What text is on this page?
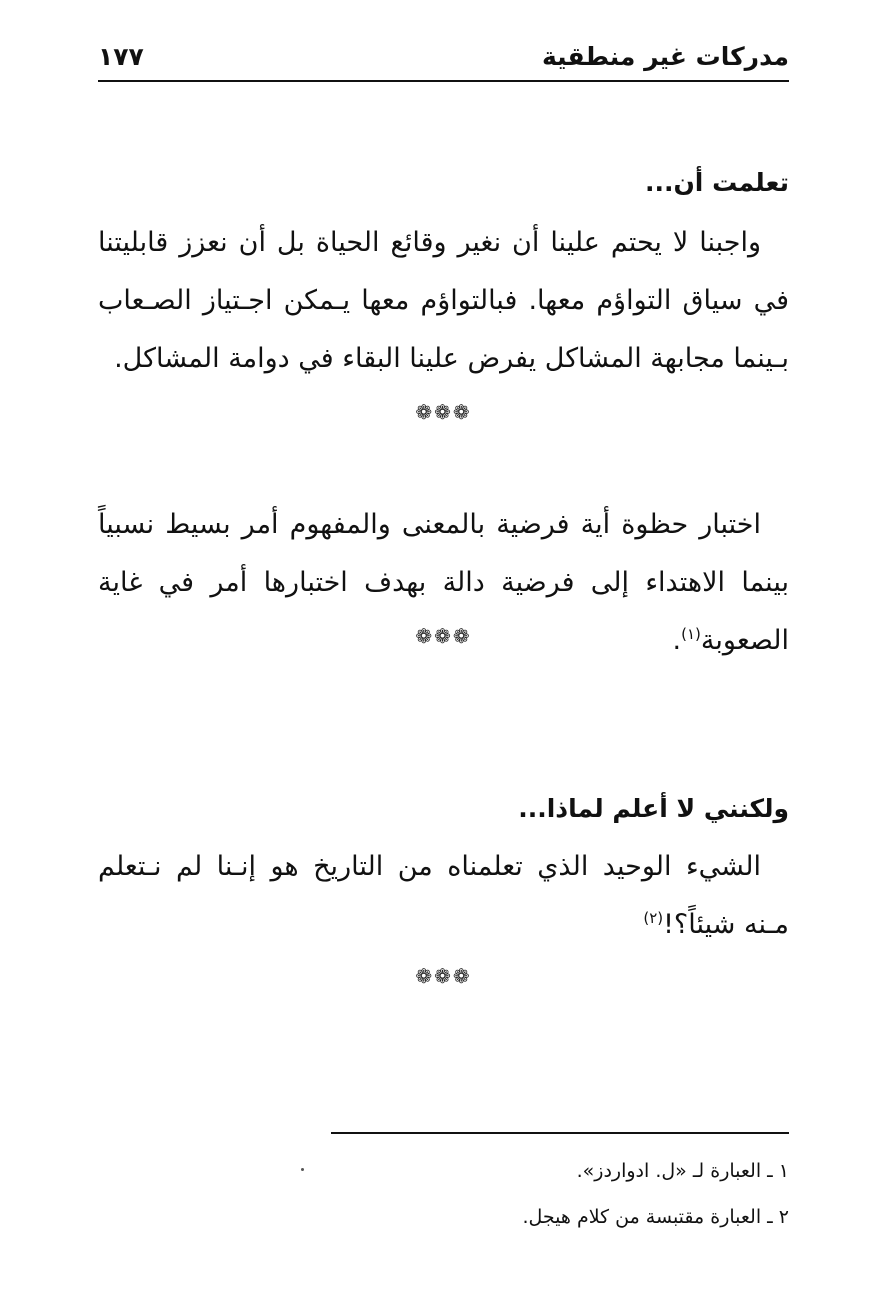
مدركات غير منطقية
١٧٧
تعلمت أن...

واجبنا لا يحتم علينا أن نغير وقائع الحياة بل أن نعزز قابليتنا في سياق التواؤم معها. فبالتواؤم معها يـمكن اجـتياز الصـعاب بـينما مجابهة المشاكل يفرض علينا البقاء في دوامة المشاكل.

❁❁❁

اختبار حظوة أية فرضية بالمعنى والمفهوم أمر بسيط نسبياً بينما الاهتداء إلى فرضية دالة بهدف اختبارها أمر في غاية الصعوبة$^{(١)}$.

❁❁❁
ولكنني لا أعلم لماذا...

الشيء الوحيد الذي تعلمناه من التاريخ هو إنـنا لم نـتعلم مـنه شيئاً؟!$^{(٢)}$

❁❁❁
١ ـ العبارة لـ «ل. ادواردز».
٢ ـ العبارة مقتبسة من كلام هيجل.
